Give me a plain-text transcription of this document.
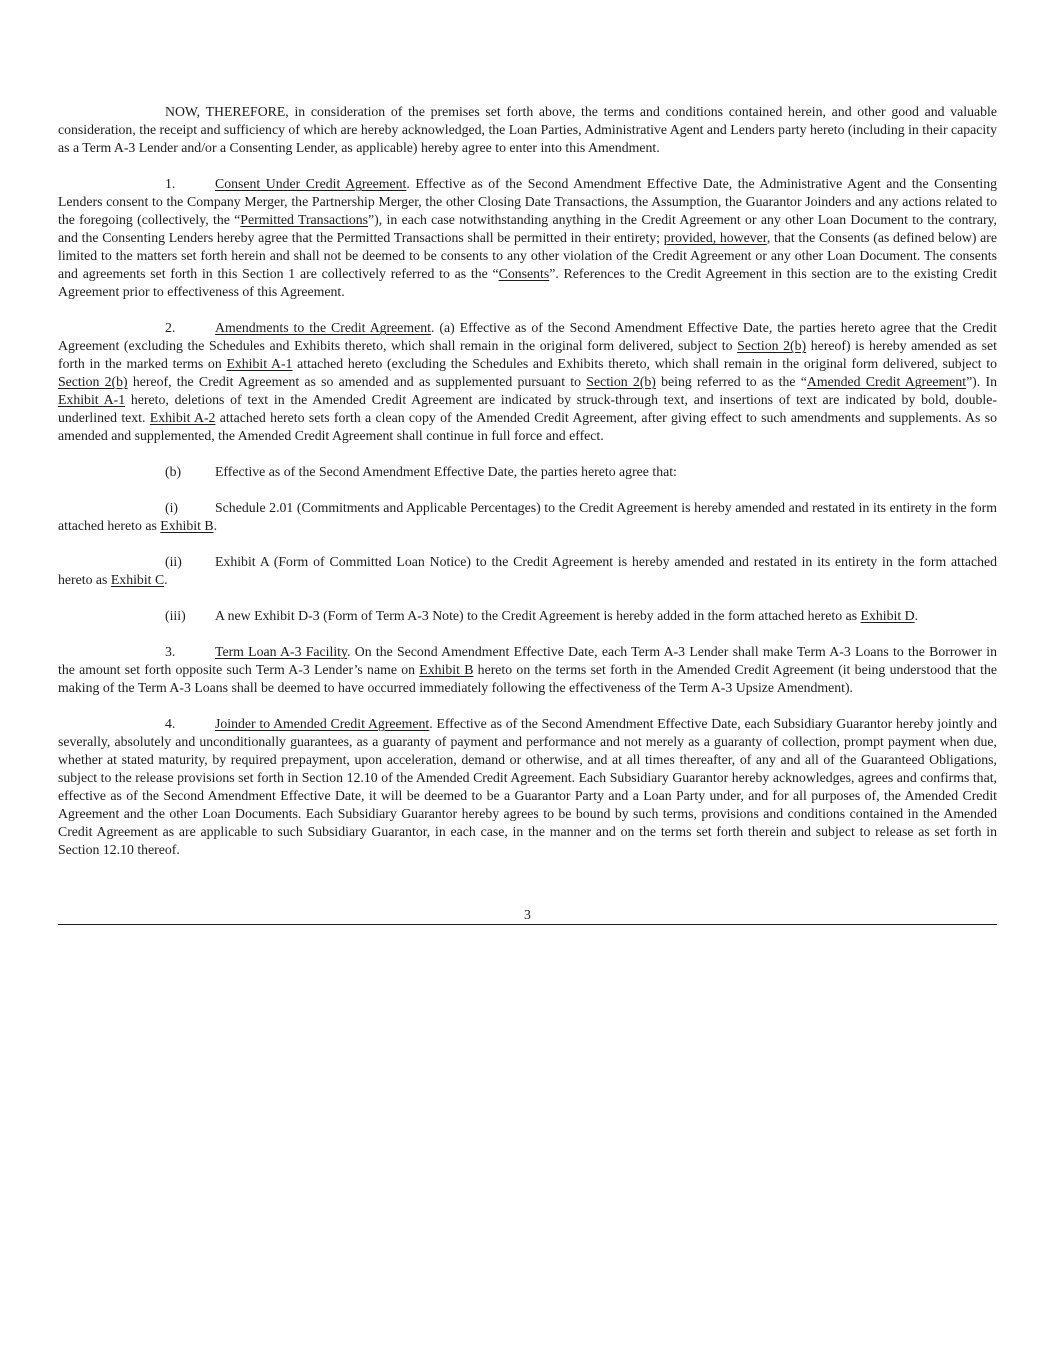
NOW, THEREFORE, in consideration of the premises set forth above, the terms and conditions contained herein, and other good and valuable consideration, the receipt and sufficiency of which are hereby acknowledged, the Loan Parties, Administrative Agent and Lenders party hereto (including in their capacity as a Term A-3 Lender and/or a Consenting Lender, as applicable) hereby agree to enter into this Amendment.

1.	Consent Under Credit Agreement. Effective as of the Second Amendment Effective Date, the Administrative Agent and the Consenting Lenders consent to the Company Merger, the Partnership Merger, the other Closing Date Transactions, the Assumption, the Guarantor Joinders and any actions related to the foregoing (collectively, the “Permitted Transactions”), in each case notwithstanding anything in the Credit Agreement or any other Loan Document to the contrary, and the Consenting Lenders hereby agree that the Permitted Transactions shall be permitted in their entirety; provided, however, that the Consents (as defined below) are limited to the matters set forth herein and shall not be deemed to be consents to any other violation of the Credit Agreement or any other Loan Document. The consents and agreements set forth in this Section 1 are collectively referred to as the “Consents”. References to the Credit Agreement in this section are to the existing Credit Agreement prior to effectiveness of this Agreement.

2.	Amendments to the Credit Agreement. (a) Effective as of the Second Amendment Effective Date, the parties hereto agree that the Credit Agreement (excluding the Schedules and Exhibits thereto, which shall remain in the original form delivered, subject to Section 2(b) hereof) is hereby amended as set forth in the marked terms on Exhibit A-1 attached hereto (excluding the Schedules and Exhibits thereto, which shall remain in the original form delivered, subject to Section 2(b) hereof, the Credit Agreement as so amended and as supplemented pursuant to Section 2(b) being referred to as the “Amended Credit Agreement”). In Exhibit A-1 hereto, deletions of text in the Amended Credit Agreement are indicated by struck-through text, and insertions of text are indicated by bold, double-underlined text. Exhibit A-2 attached hereto sets forth a clean copy of the Amended Credit Agreement, after giving effect to such amendments and supplements. As so amended and supplemented, the Amended Credit Agreement shall continue in full force and effect.

(b) Effective as of the Second Amendment Effective Date, the parties hereto agree that:

(i)	Schedule 2.01 (Commitments and Applicable Percentages) to the Credit Agreement is hereby amended and restated in its entirety in the form attached hereto as Exhibit B.

(ii) Exhibit A (Form of Committed Loan Notice) to the Credit Agreement is hereby amended and restated in its entirety in the form attached hereto as Exhibit C.

(iii) A new Exhibit D-3 (Form of Term A-3 Note) to the Credit Agreement is hereby added in the form attached hereto as Exhibit D.

3.	Term Loan A-3 Facility. On the Second Amendment Effective Date, each Term A-3 Lender shall make Term A-3 Loans to the Borrower in the amount set forth opposite such Term A-3 Lender’s name on Exhibit B hereto on the terms set forth in the Amended Credit Agreement (it being understood that the making of the Term A-3 Loans shall be deemed to have occurred immediately following the effectiveness of the Term A-3 Upsize Amendment).

4.	Joinder to Amended Credit Agreement. Effective as of the Second Amendment Effective Date, each Subsidiary Guarantor hereby jointly and severally, absolutely and unconditionally guarantees, as a guaranty of payment and performance and not merely as a guaranty of collection, prompt payment when due, whether at stated maturity, by required prepayment, upon acceleration, demand or otherwise, and at all times thereafter, of any and all of the Guaranteed Obligations, subject to the release provisions set forth in Section 12.10 of the Amended Credit Agreement. Each Subsidiary Guarantor hereby acknowledges, agrees and confirms that, effective as of the Second Amendment Effective Date, it will be deemed to be a Guarantor Party and a Loan Party under, and for all purposes of, the Amended Credit Agreement and the other Loan Documents. Each Subsidiary Guarantor hereby agrees to be bound by such terms, provisions and conditions contained in the Amended Credit Agreement as are applicable to such Subsidiary Guarantor, in each case, in the manner and on the terms set forth therein and subject to release as set forth in Section 12.10 thereof.

3
